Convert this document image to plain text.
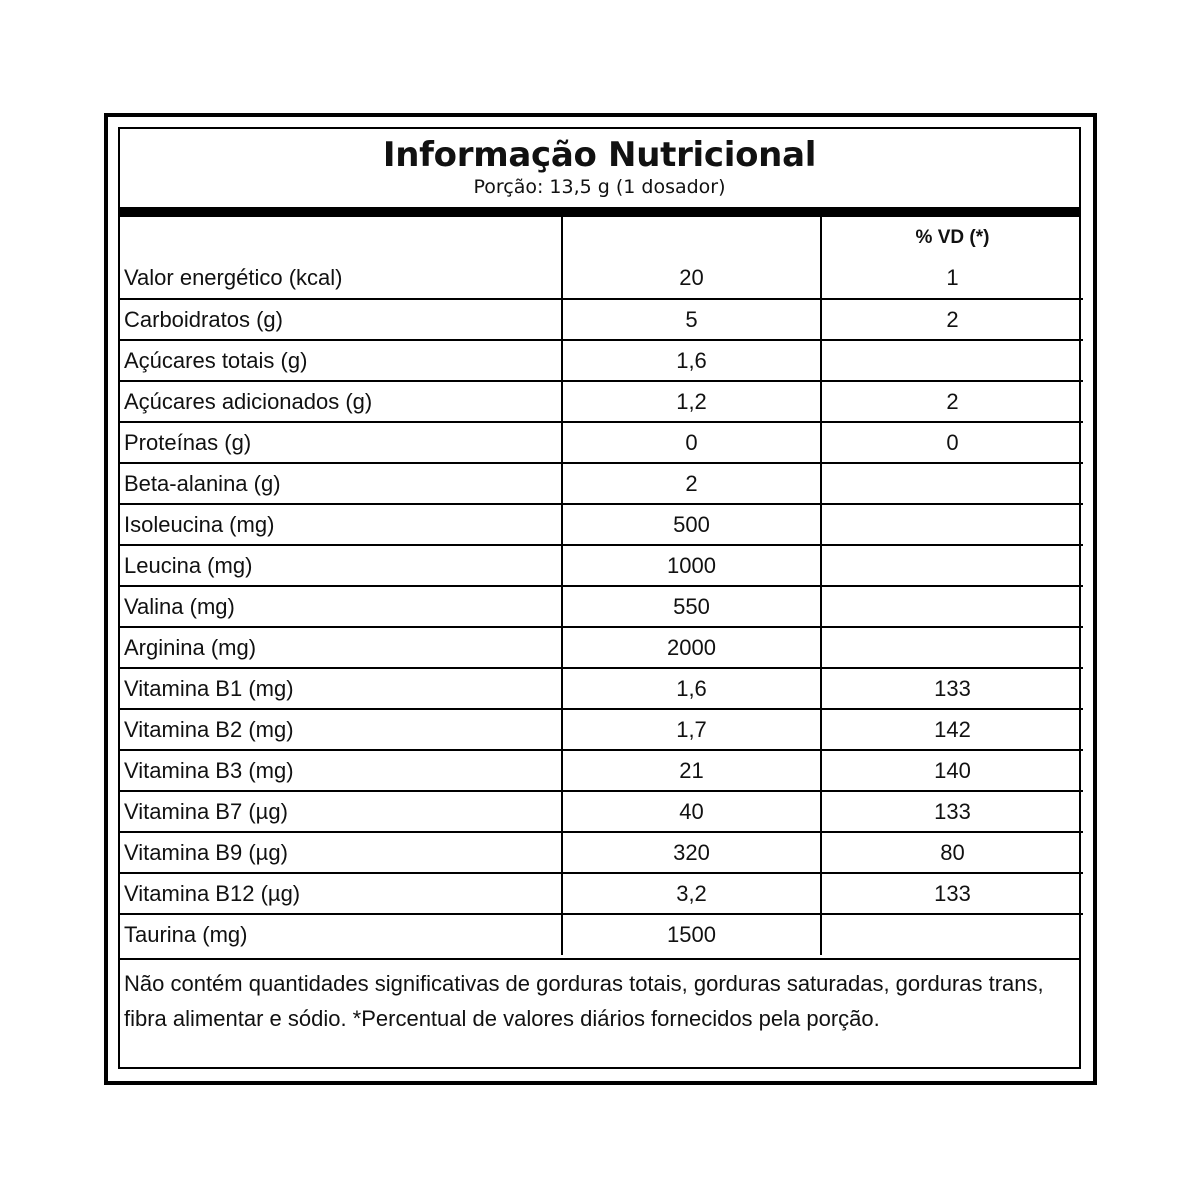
Informação Nutricional
Porção: 13,5 g (1 dosador)
		% VD (*)
Valor energético (kcal)	20	1
Carboidratos (g)	5	2
Açúcares totais (g)	1,6	
Açúcares adicionados (g)	1,2	2
Proteínas (g)	0	0
Beta-alanina (g)	2	
Isoleucina (mg)	500	
Leucina (mg)	1000	
Valina (mg)	550	
Arginina (mg)	2000	
Vitamina B1 (mg)	1,6	133
Vitamina B2 (mg)	1,7	142
Vitamina B3 (mg)	21	140
Vitamina B7 (µg)	40	133
Vitamina B9 (µg)	320	80
Vitamina B12 (µg)	3,2	133
Taurina (mg)	1500	
Não contém quantidades significativas de gorduras totais, gorduras saturadas, gorduras trans, fibra alimentar e sódio. *Percentual de valores diários fornecidos pela porção.
